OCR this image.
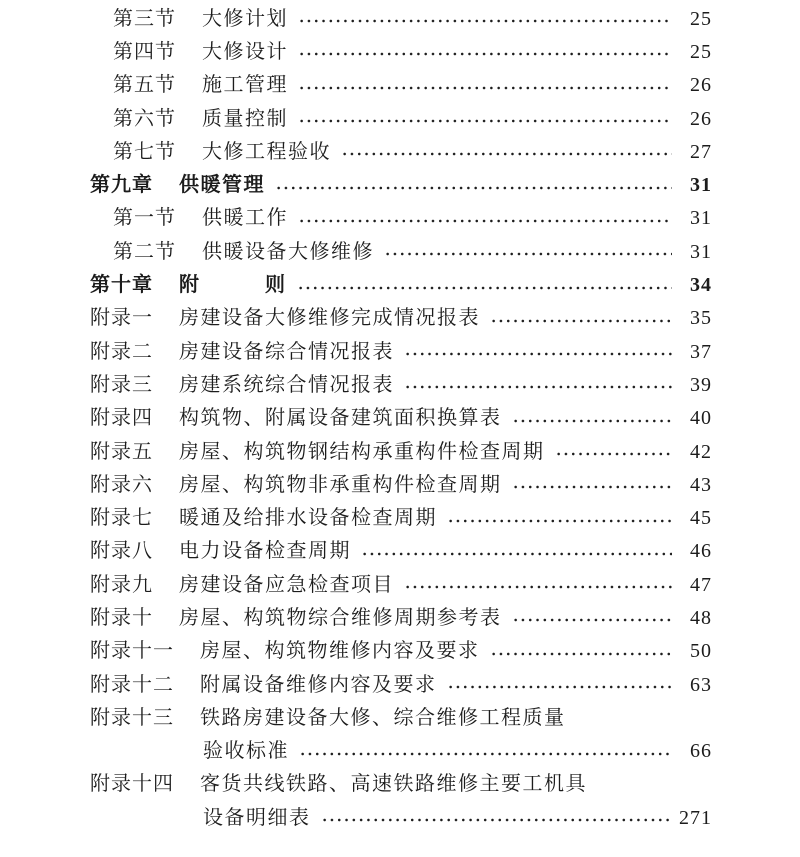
第三节 大修计划	25
第四节 大修设计	25
第五节 施工管理	26
第六节 质量控制	26
第七节 大修工程验收	27
第九章 供暖管理	31
第一节 供暖工作	31
第二节 供暖设备大修维修	31
第十章 附　　　则	34
附录一 房建设备大修维修完成情况报表	35
附录二 房建设备综合情况报表	37
附录三 房建系统综合情况报表	39
附录四 构筑物、附属设备建筑面积换算表	40
附录五 房屋、构筑物钢结构承重构件检查周期	42
附录六 房屋、构筑物非承重构件检查周期	43
附录七 暖通及给排水设备检查周期	45
附录八 电力设备检查周期	46
附录九 房建设备应急检查项目	47
附录十 房屋、构筑物综合维修周期参考表	48
附录十一 房屋、构筑物维修内容及要求	50
附录十二 附属设备维修内容及要求	63
附录十三 铁路房建设备大修、综合维修工程质量
验收标准	66
附录十四 客货共线铁路、高速铁路维修主要工机具
设备明细表	271
